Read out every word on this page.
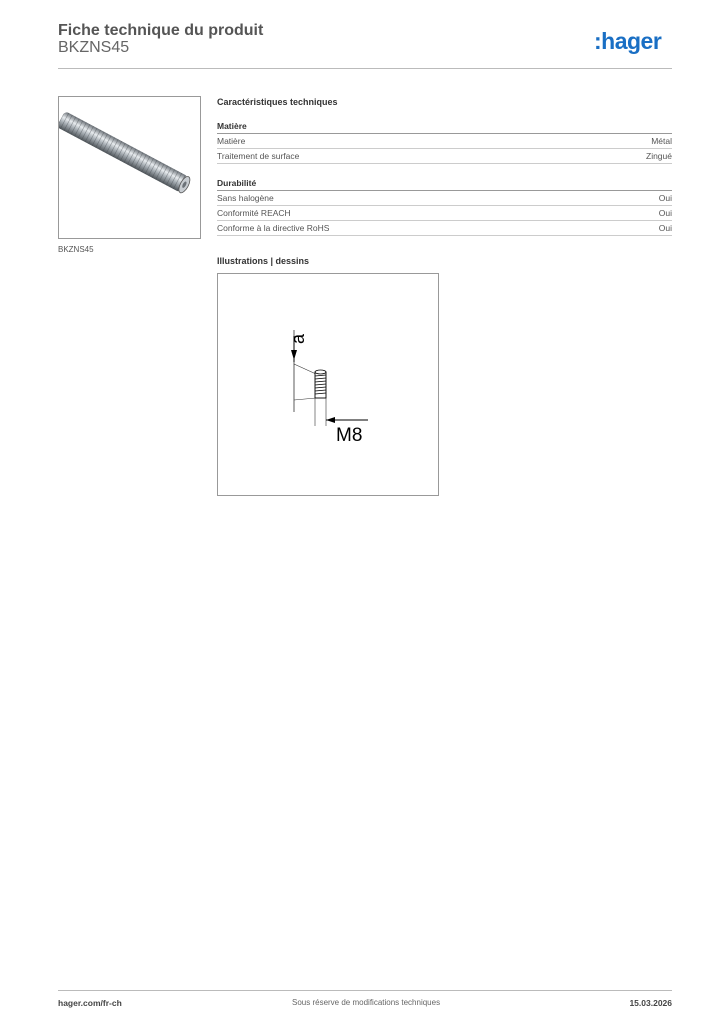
Fiche technique du produit
BKZNS45	:hager
BKZNS45
Caractéristiques techniques
Matière
Matière	Métal
Traitement de surface	Zingué
Durabilité
Sans halogène	Oui
Conformité REACH	Oui
Conforme à la directive RoHS	Oui
Illustrations | dessins
a
M8
hager.com/fr-ch	Sous réserve de modifications techniques	15.03.2026
